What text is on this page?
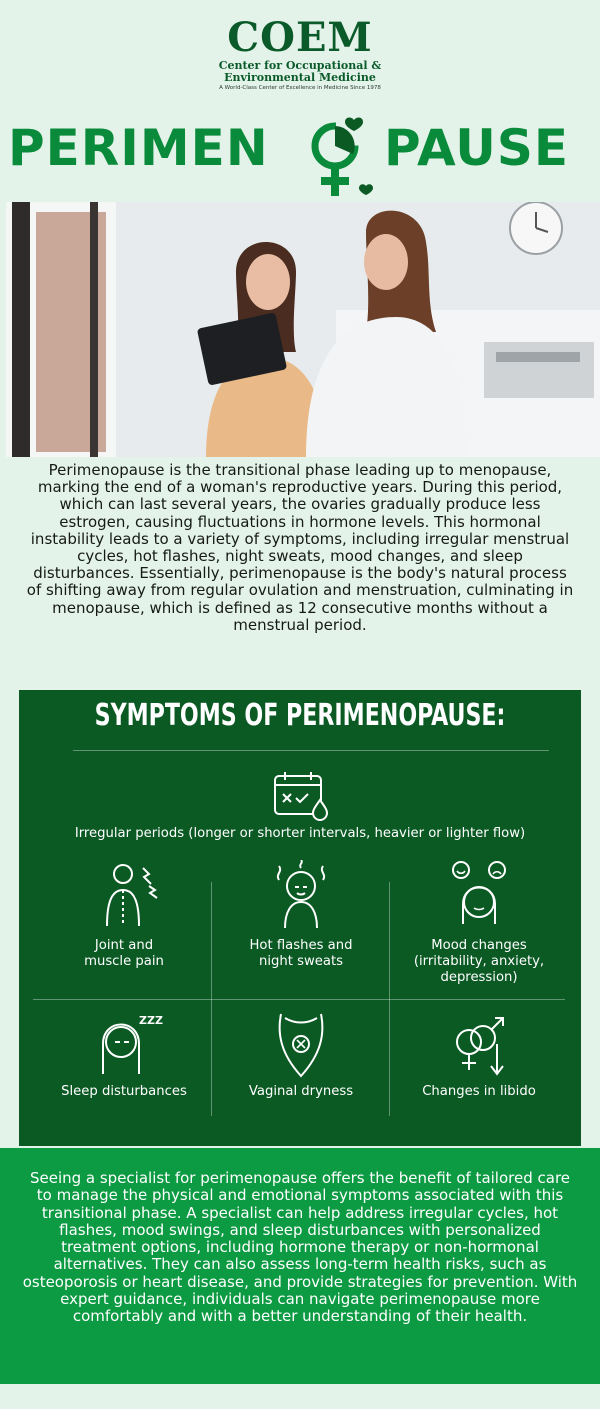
COEM
Center for Occupational &
Environmental Medicine
A World-Class Center of Excellence in Medicine Since 1978
PERIMEN PAUSE
Perimenopause is the transitional phase leading up to menopause, marking the end of a woman's reproductive years. During this period, which can last several years, the ovaries gradually produce less estrogen, causing fluctuations in hormone levels. This hormonal instability leads to a variety of symptoms, including irregular menstrual cycles, hot flashes, night sweats, mood changes, and sleep disturbances. Essentially, perimenopause is the body's natural process of shifting away from regular ovulation and menstruation, culminating in menopause, which is defined as 12 consecutive months without a menstrual period.
SYMPTOMS OF PERIMENOPAUSE:
Irregular periods (longer or shorter intervals, heavier or lighter flow)
Joint and
muscle pain
Hot flashes and
night sweats
Mood changes
(irritability, anxiety,
depression)
ZZZ
Sleep disturbances	Vaginal dryness	Changes in libido
Seeing a specialist for perimenopause offers the benefit of tailored care to manage the physical and emotional symptoms associated with this transitional phase. A specialist can help address irregular cycles, hot flashes, mood swings, and sleep disturbances with personalized treatment options, including hormone therapy or non-hormonal alternatives. They can also assess long-term health risks, such as osteoporosis or heart disease, and provide strategies for prevention. With expert guidance, individuals can navigate perimenopause more comfortably and with a better understanding of their health.
